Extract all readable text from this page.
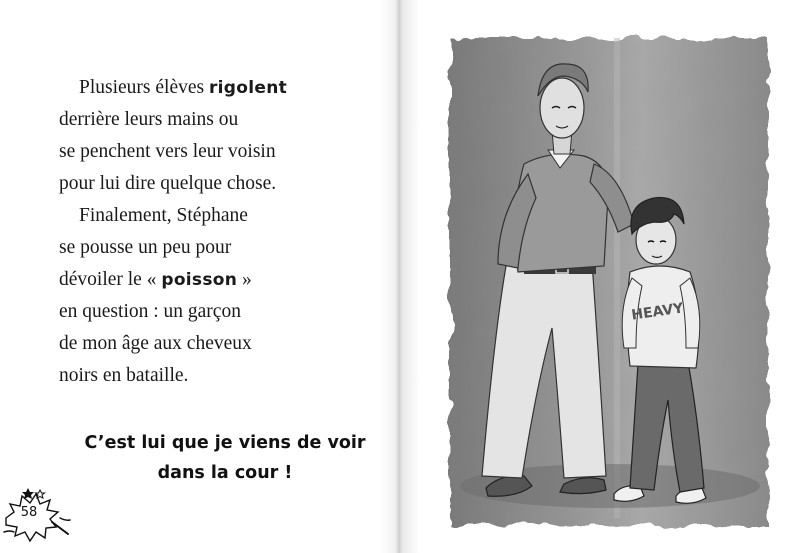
Plusieurs élèves rigolent
derrière leurs mains ou
se penchent vers leur voisin
pour lui dire quelque chose.
Finalement, Stéphane
se pousse un peu pour
dévoiler le « poisson »
en question : un garçon
de mon âge aux cheveux
noirs en bataille.
C’est lui que je viens de voir
dans la cour !
58
HEAVY
